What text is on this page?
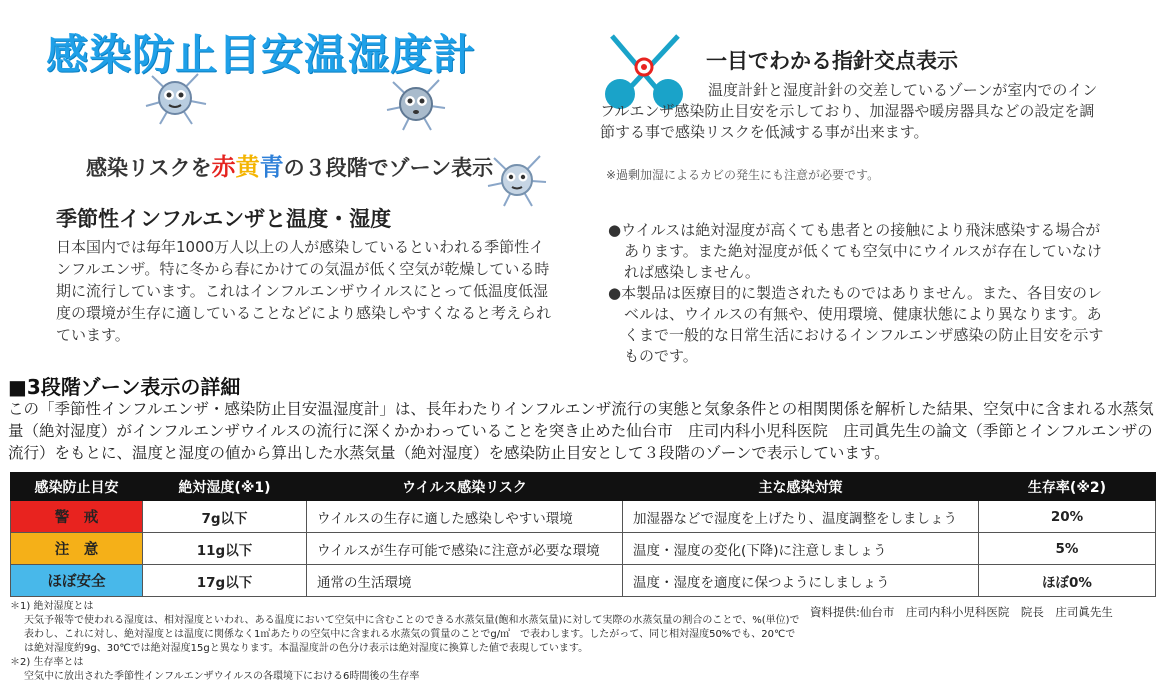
感染防止目安温湿度計
感染リスクを赤黄青の３段階でゾーン表示
季節性インフルエンザと温度・湿度
日本国内では毎年1000万人以上の人が感染しているといわれる季節性インフルエンザ。特に冬から春にかけての気温が低く空気が乾燥している時期に流行しています。これはインフルエンザウイルスにとって低温度低湿度の環境が生存に適していることなどにより感染しやすくなると考えられています。
一目でわかる指針交点表示
温度計針と湿度計針の交差しているゾーンが室内でのインフルエンザ感染防止目安を示しており、加湿器や暖房器具などの設定を調節する事で感染リスクを低減する事が出来ます。
※過剰加湿によるカビの発生にも注意が必要です。
●ウイルスは絶対湿度が高くても患者との接触により飛沫感染する場合があります。また絶対湿度が低くても空気中にウイルスが存在していなければ感染しません。
●本製品は医療目的に製造されたものではありません。また、各目安のレベルは、ウイルスの有無や、使用環境、健康状態により異なります。あくまで一般的な日常生活におけるインフルエンザ感染の防止目安を示すものです。
■3段階ゾーン表示の詳細
この「季節性インフルエンザ・感染防止目安温湿度計」は、長年わたりインフルエンザ流行の実態と気象条件との相関関係を解析した結果、空気中に含まれる水蒸気量（絶対湿度）がインフルエンザウイルスの流行に深くかかわっていることを突き止めた仙台市　庄司内科小児科医院　庄司眞先生の論文（季節とインフルエンザの流行）をもとに、温度と湿度の値から算出した水蒸気量（絶対湿度）を感染防止目安として３段階のゾーンで表示しています。
感染防止目安	絶対湿度(※1)	ウイルス感染リスク	主な感染対策	生存率(※2)
警　戒	7g以下	ウイルスの生存に適した感染しやすい環境	加湿器などで湿度を上げたり、温度調整をしましょう	20%
注　意	11g以下	ウイルスが生存可能で感染に注意が必要な環境	温度・湿度の変化(下降)に注意しましょう	5%
ほぼ安全	17g以下	通常の生活環境	温度・湿度を適度に保つようにしましょう	ほぼ0%
＊1) 絶対湿度とは
天気予報等で使われる湿度は、相対湿度といわれ、ある温度において空気中に含むことのできる水蒸気量(飽和水蒸気量)に対して実際の水蒸気量の割合のことで、%(単位)で表わし、これに対し、絶対湿度とは温度に関係なく1㎥あたりの空気中に含まれる水蒸気の質量のことでg/㎥　で表わします。したがって、同じ相対湿度50%でも、20℃では絶対湿度約9g、30℃では絶対湿度15gと異なります。本温湿度計の色分け表示は絶対湿度に換算した値で表現しています。
＊2) 生存率とは
空気中に放出された季節性インフルエンザウイルスの各環境下における6時間後の生存率
資料提供:仙台市　庄司内科小児科医院　院長　庄司眞先生
